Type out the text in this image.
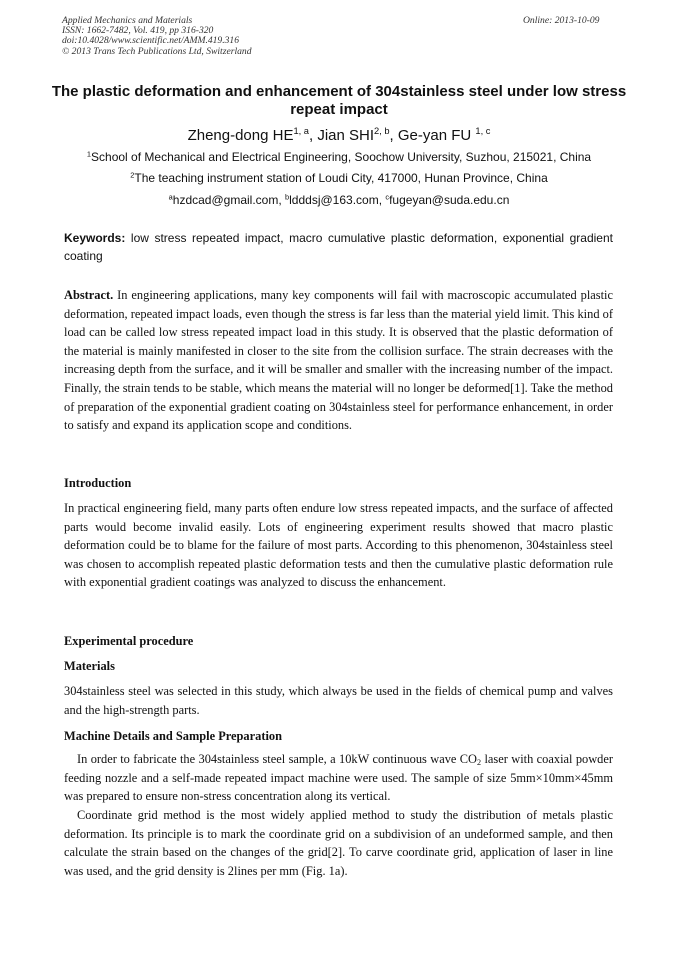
Applied Mechanics and Materials
ISSN: 1662-7482, Vol. 419, pp 316-320
doi:10.4028/www.scientific.net/AMM.419.316
© 2013 Trans Tech Publications Ltd, Switzerland
Online: 2013-10-09
The plastic deformation and enhancement of 304stainless steel under low stress repeat impact
Zheng-dong HE$^{1, a}$, Jian SHI$^{2, b}$, Ge-yan FU $^{1, c}$
$^1$School of Mechanical and Electrical Engineering, Soochow University, Suzhou, 215021, China
$^2$The teaching instrument station of Loudi City, 417000, Hunan Province, China
$^a$hzdcad@gmail.com, $^b$ldddsj@163.com, $^c$fugeyan@suda.edu.cn
Keywords: low stress repeated impact, macro cumulative plastic deformation, exponential gradient coating
Abstract. In engineering applications, many key components will fail with macroscopic accumulated plastic deformation, repeated impact loads, even though the stress is far less than the material yield limit. This kind of load can be called low stress repeated impact load in this study. It is observed that the plastic deformation of the material is mainly manifested in closer to the site from the collision surface. The strain decreases with the increasing depth from the surface, and it will be smaller and smaller with the increasing number of the impact. Finally, the strain tends to be stable, which means the material will no longer be deformed[1]. Take the method of preparation of the exponential gradient coating on 304stainless steel for performance enhancement, in order to satisfy and expand its application scope and conditions.
Introduction
In practical engineering field, many parts often endure low stress repeated impacts, and the surface of affected parts would become invalid easily. Lots of engineering experiment results showed that macro plastic deformation could be to blame for the failure of most parts. According to this phenomenon, 304stainless steel was chosen to accomplish repeated plastic deformation tests and then the cumulative plastic deformation rule with exponential gradient coatings was analyzed to discuss the enhancement.
Experimental procedure
Materials
304stainless steel was selected in this study, which always be used in the fields of chemical pump and valves and the high-strength parts.
Machine Details and Sample Preparation
In order to fabricate the 304stainless steel sample, a 10kW continuous wave $CO_2$ laser with coaxial powder feeding nozzle and a self-made repeated impact machine were used. The sample of size 5mm×10mm×45mm was prepared to ensure non-stress concentration along its vertical.
Coordinate grid method is the most widely applied method to study the distribution of metals plastic deformation. Its principle is to mark the coordinate grid on a subdivision of an undeformed sample, and then calculate the strain based on the changes of the grid[2]. To carve coordinate grid, application of laser in line was used, and the grid density is 2lines per mm (Fig. 1a).
